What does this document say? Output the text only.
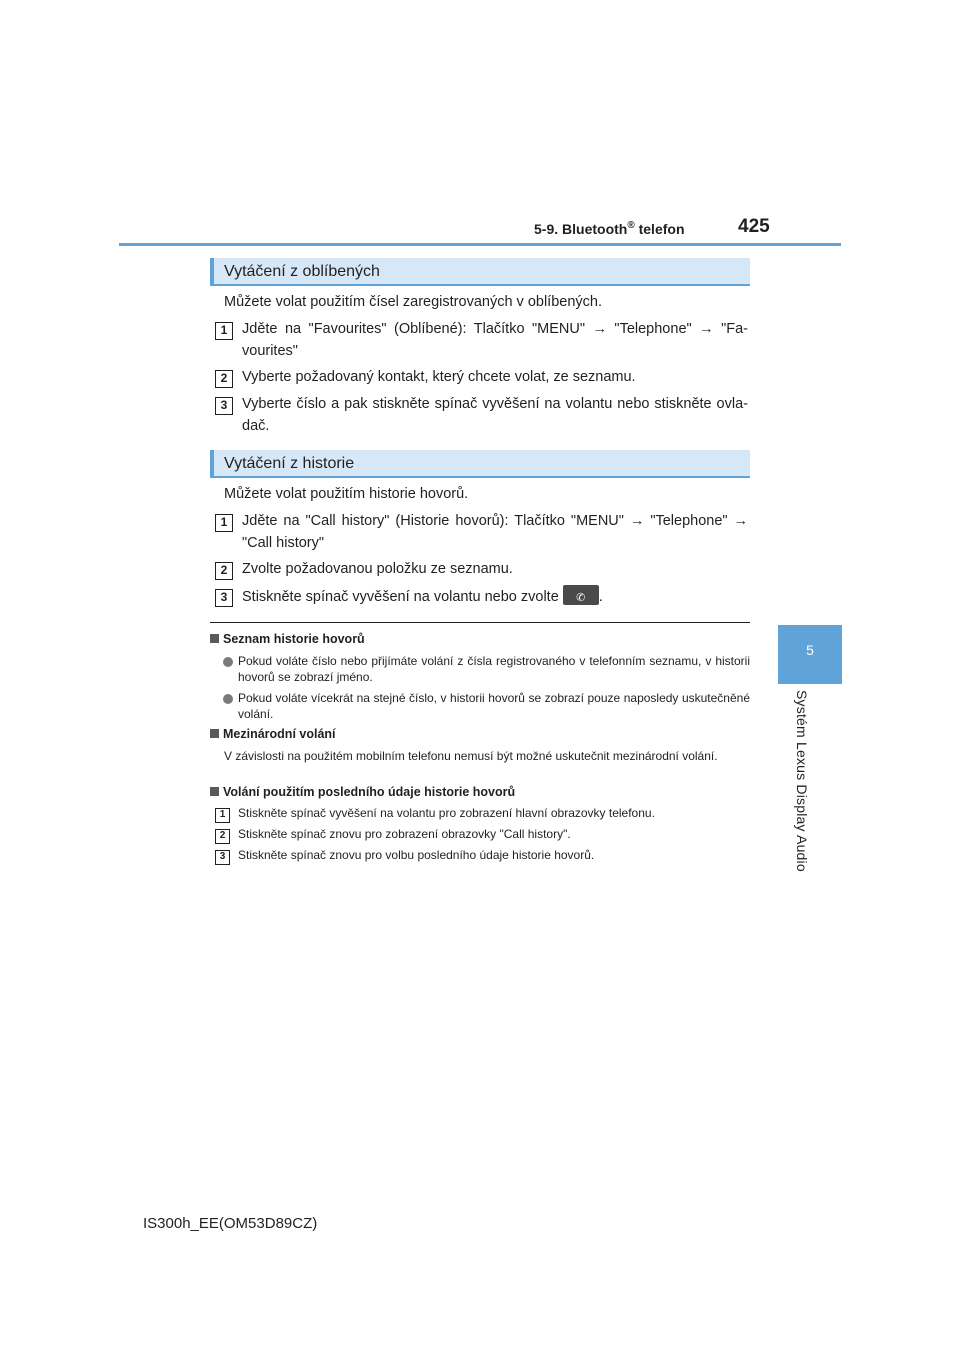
5-9. Bluetooth® telefon	425
5
Systém Lexus Display Audio
Vytáčení z oblíbených
Můžete volat použitím čísel zaregistrovaných v oblíbených.
1	Jděte na "Favourites" (Oblíbené): Tlačítko "MENU" → "Telephone" → "Fa-vourites"
2	Vyberte požadovaný kontakt, který chcete volat, ze seznamu.
3	Vyberte číslo a pak stiskněte spínač vyvěšení na volantu nebo stiskněte ovla-dač.
Vytáčení z historie
Můžete volat použitím historie hovorů.
1	Jděte na "Call history" (Historie hovorů): Tlačítko "MENU" → "Telephone" → "Call history"
2	Zvolte požadovanou položku ze seznamu.
3	Stiskněte spínač vyvěšení na volantu nebo zvolte	✆ .
Seznam historie hovorů
Pokud voláte číslo nebo přijímáte volání z čísla registrovaného v telefonním seznamu, v historii hovorů se zobrazí jméno.
Pokud voláte vícekrát na stejné číslo, v historii hovorů se zobrazí pouze naposledy uskutečněné volání.
Mezinárodní volání
V závislosti na použitém mobilním telefonu nemusí být možné uskutečnit mezinárodní volání.
Volání použitím posledního údaje historie hovorů
1	Stiskněte spínač vyvěšení na volantu pro zobrazení hlavní obrazovky telefonu.
2	Stiskněte spínač znovu pro zobrazení obrazovky "Call history".
3	Stiskněte spínač znovu pro volbu posledního údaje historie hovorů.
IS300h_EE(OM53D89CZ)
